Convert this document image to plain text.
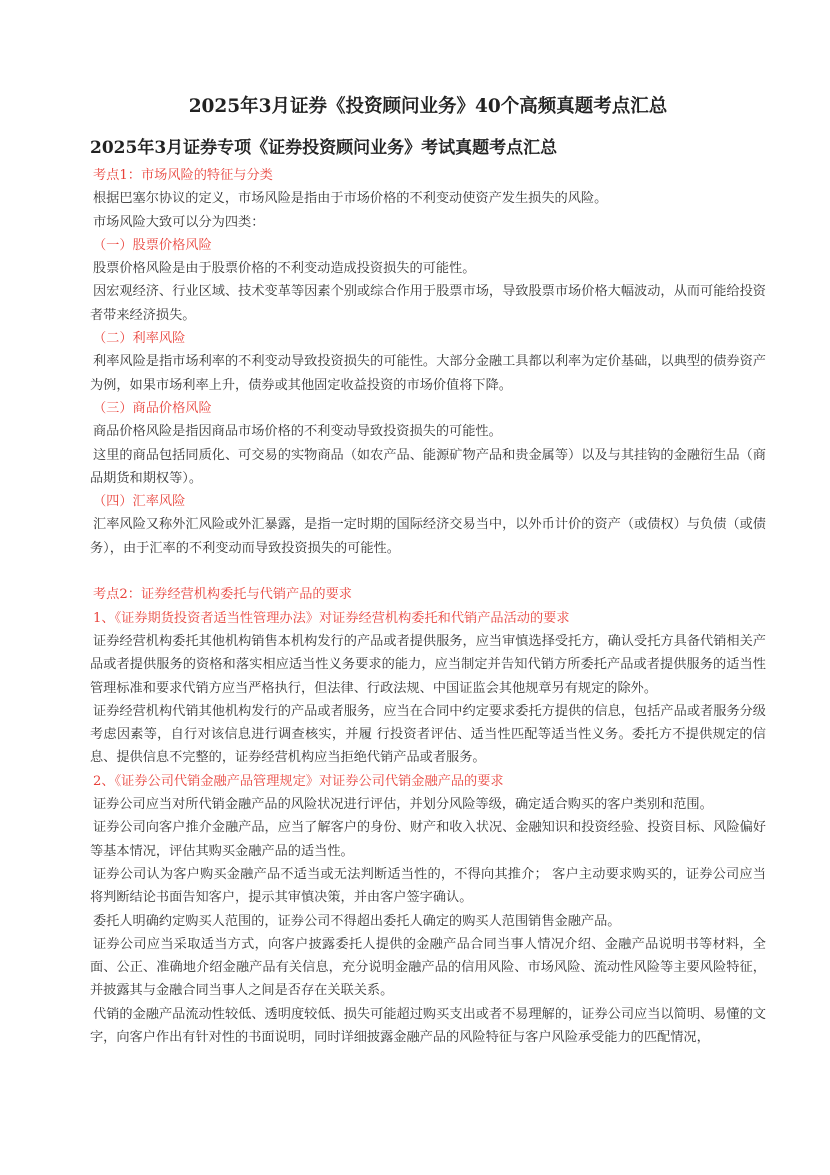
2025年3月证券《投资顾问业务》40个高频真题考点汇总
2025年3月证券专项《证券投资顾问业务》考试真题考点汇总

考点1：市场风险的特征与分类

根据巴塞尔协议的定义，市场风险是指由于市场价格的不利变动使资产发生损失的风险。

市场风险大致可以分为四类：

（一）股票价格风险

股票价格风险是由于股票价格的不利变动造成投资损失的可能性。

因宏观经济、行业区域、技术变革等因素个别或综合作用于股票市场，导致股票市场价格大幅波动，从而可能给投资者带来经济损失。

（二）利率风险

利率风险是指市场利率的不利变动导致投资损失的可能性。大部分金融工具都以利率为定价基础，以典型的债券资产为例，如果市场利率上升，债券或其他固定收益投资的市场价值将下降。

（三）商品价格风险

商品价格风险是指因商品市场价格的不利变动导致投资损失的可能性。

这里的商品包括同质化、可交易的实物商品（如农产品、能源矿物产品和贵金属等）以及与其挂钩的金融衍生品（商品期货和期权等）。

（四）汇率风险

汇率风险又称外汇风险或外汇暴露，是指一定时期的国际经济交易当中，以外币计价的资产（或债权）与负债（或债务），由于汇率的不利变动而导致投资损失的可能性。

考点2：证券经营机构委托与代销产品的要求

1、《证券期货投资者适当性管理办法》对证券经营机构委托和代销产品活动的要求

证券经营机构委托其他机构销售本机构发行的产品或者提供服务，应当审慎选择受托方，确认受托方具备代销相关产品或者提供服务的资格和落实相应适当性义务要求的能力，应当制定并告知代销方所委托产品或者提供服务的适当性管理标准和要求代销方应当严格执行，但法律、行政法规、中国证监会其他规章另有规定的除外。

证券经营机构代销其他机构发行的产品或者服务，应当在合同中约定要求委托方提供的信息，包括产品或者服务分级考虑因素等，自行对该信息进行调查核实，并履 行投资者评估、适当性匹配等适当性义务。委托方不提供规定的信息、提供信息不完整的，证券经营机构应当拒绝代销产品或者服务。

2、《证券公司代销金融产品管理规定》对证券公司代销金融产品的要求

证券公司应当对所代销金融产品的风险状况进行评估，并划分风险等级，确定适合购买的客户类别和范围。

证券公司向客户推介金融产品，应当了解客户的身份、财产和收入状况、金融知识和投资经验、投资目标、风险偏好等基本情况，评估其购买金融产品的适当性。

证券公司认为客户购买金融产品不适当或无法判断适当性的，不得向其推介； 客户主动要求购买的，证券公司应当将判断结论书面告知客户，提示其审慎决策，并由客户签字确认。

委托人明确约定购买人范围的，证券公司不得超出委托人确定的购买人范围销售金融产品。

证券公司应当采取适当方式，向客户披露委托人提供的金融产品合同当事人情况介绍、金融产品说明书等材料，全面、公正、准确地介绍金融产品有关信息，充分说明金融产品的信用风险、市场风险、流动性风险等主要风险特征，并披露其与金融合同当事人之间是否存在关联关系。

代销的金融产品流动性较低、透明度较低、损失可能超过购买支出或者不易理解的，证券公司应当以简明、易懂的文字，向客户作出有针对性的书面说明，同时详细披露金融产品的风险特征与客户风险承受能力的匹配情况，
